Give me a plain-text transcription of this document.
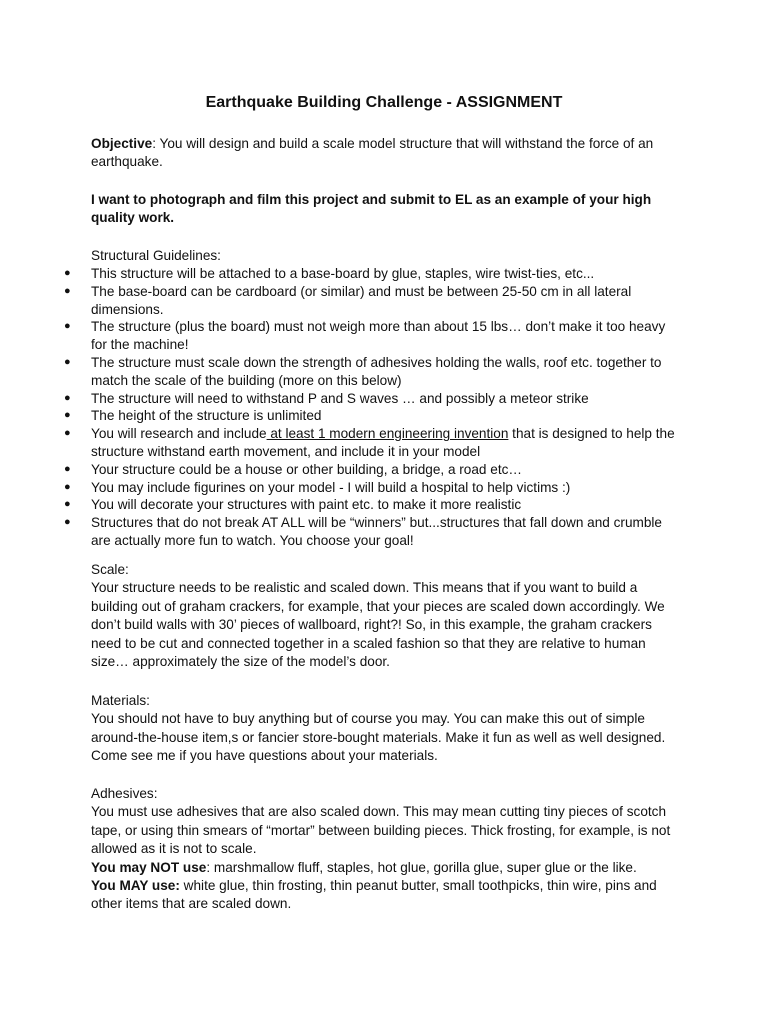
Earthquake Building Challenge - ASSIGNMENT
Objective: You will design and build a scale model structure that will withstand the force of an earthquake.
I want to photograph and film this project and submit to EL as an example of your high quality work.
Structural Guidelines:
● This structure will be attached to a base-board by glue, staples, wire twist-ties, etc...
● The base-board can be cardboard (or similar) and must be between 25-50 cm in all lateral dimensions.
● The structure (plus the board) must not weigh more than about 15 lbs… don’t make it too heavy for the machine!
● The structure must scale down the strength of adhesives holding the walls, roof etc. together to match the scale of the building (more on this below)
● The structure will need to withstand P and S waves … and possibly a meteor strike
● The height of the structure is unlimited
● You will research and include at least 1 modern engineering invention that is designed to help the structure withstand earth movement, and include it in your model
● Your structure could be a house or other building, a bridge, a road etc…
● You may include figurines on your model - I will build a hospital to help victims :)
● You will decorate your structures with paint etc. to make it more realistic
● Structures that do not break AT ALL will be “winners” but...structures that fall down and crumble are actually more fun to watch. You choose your goal!
Scale:
Your structure needs to be realistic and scaled down. This means that if you want to build a building out of graham crackers, for example, that your pieces are scaled down accordingly. We don’t build walls with 30’ pieces of wallboard, right?! So, in this example, the graham crackers need to be cut and connected together in a scaled fashion so that they are relative to human size… approximately the size of the model’s door.
Materials:
You should not have to buy anything but of course you may. You can make this out of simple around-the-house item,s or fancier store-bought materials. Make it fun as well as well designed. Come see me if you have questions about your materials.
Adhesives:
You must use adhesives that are also scaled down. This may mean cutting tiny pieces of scotch tape, or using thin smears of “mortar” between building pieces. Thick frosting, for example, is not allowed as it is not to scale.
You may NOT use: marshmallow fluff, staples, hot glue, gorilla glue, super glue or the like.
You MAY use: white glue, thin frosting, thin peanut butter, small toothpicks, thin wire, pins and other items that are scaled down.
